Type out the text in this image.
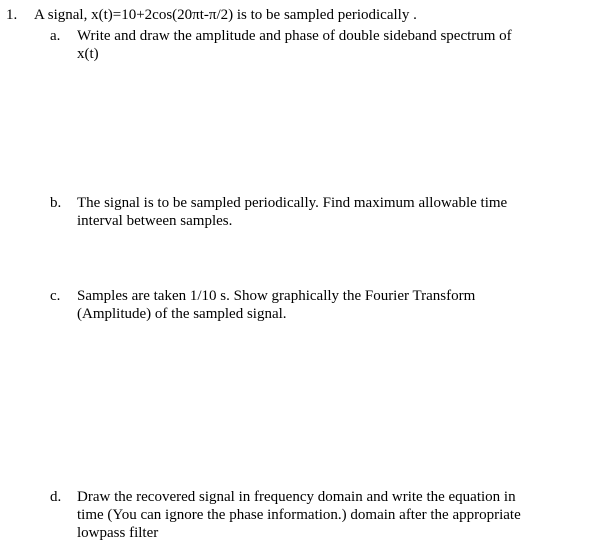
1. A signal, x(t)=10+2cos(20πt-π/2) is to be sampled periodically .
a. Write and draw the amplitude and phase of double sideband spectrum of
x(t)
b. The signal is to be sampled periodically. Find maximum allowable time
interval between samples.
c. Samples are taken 1/10 s. Show graphically the Fourier Transform
(Amplitude) of the sampled signal.
d. Draw the recovered signal in frequency domain and write the equation in
time (You can ignore the phase information.) domain after the appropriate
lowpass filter
